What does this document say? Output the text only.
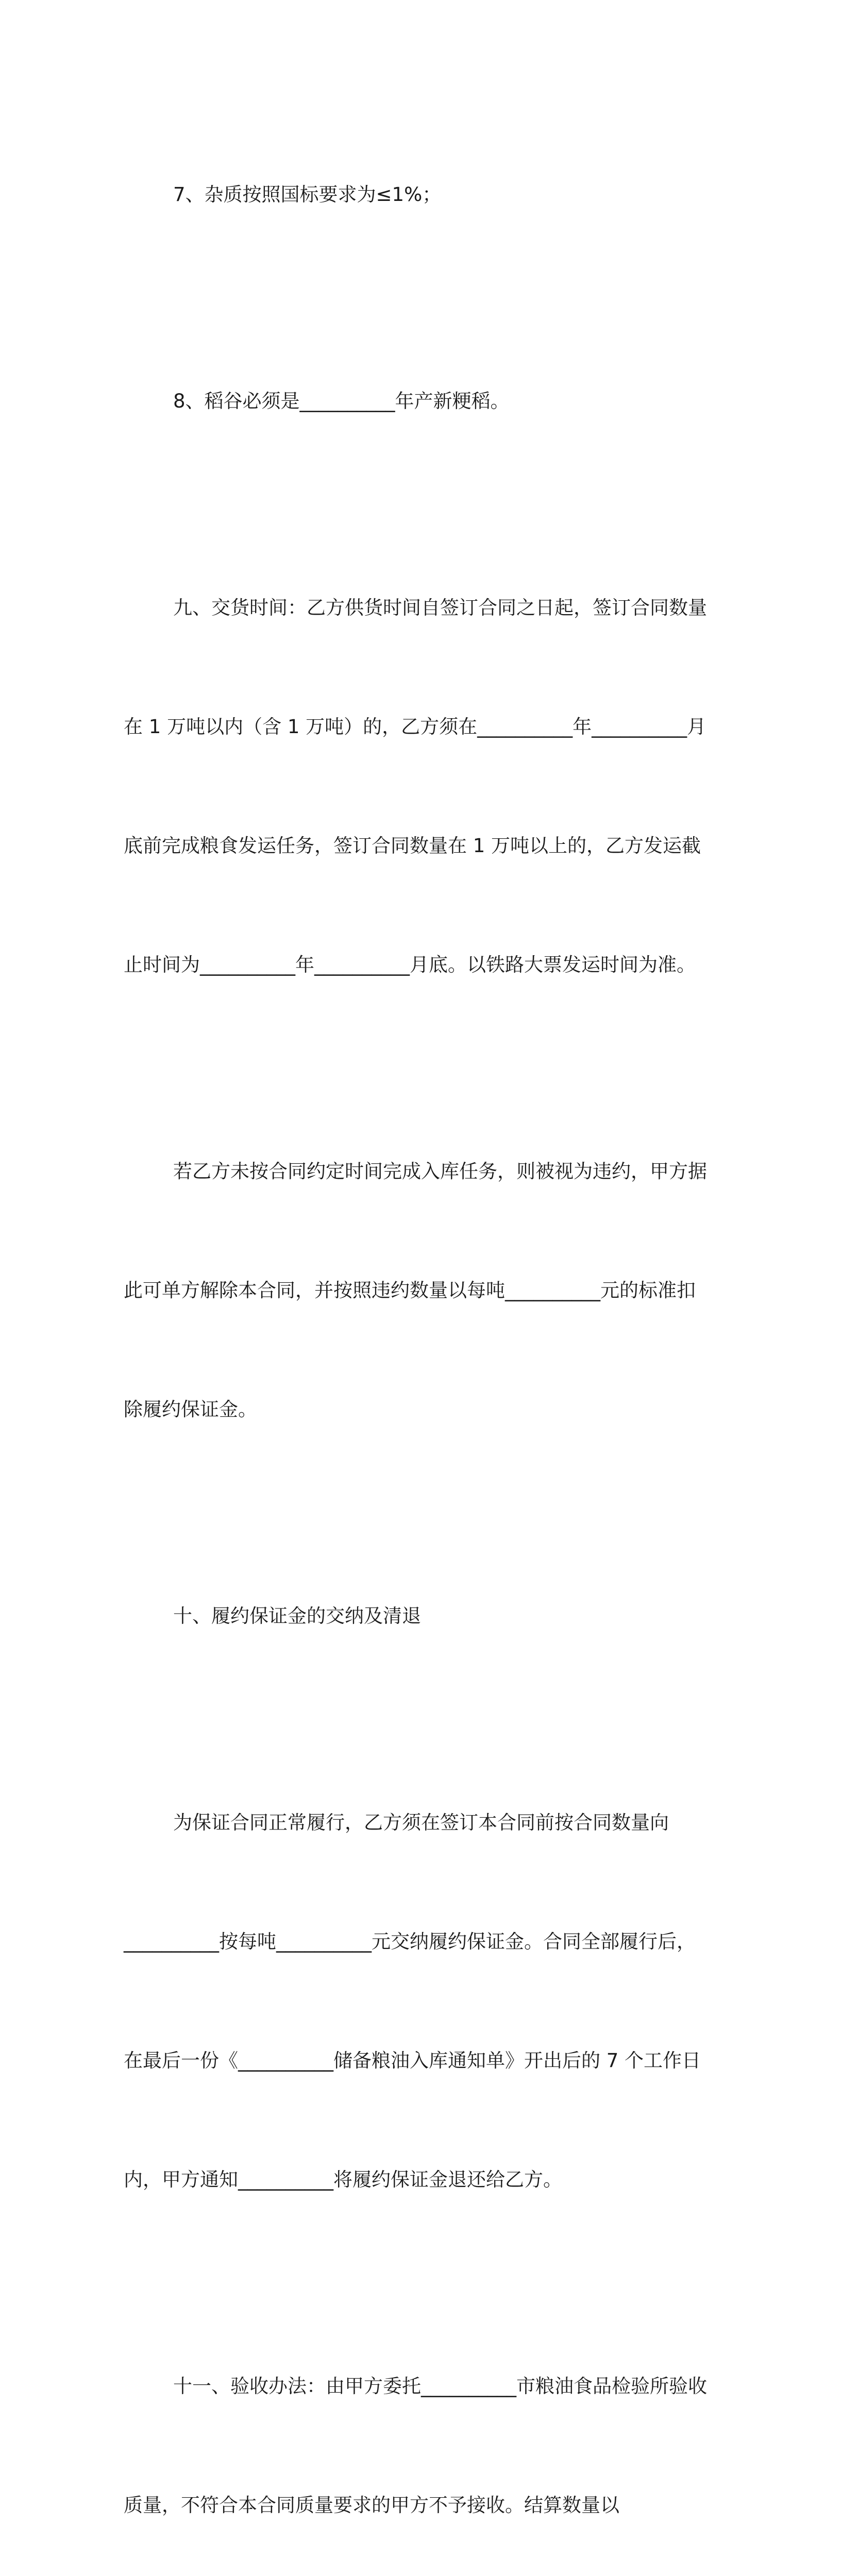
7、杂质按照国标要求为≤1%；

8、稻谷必须是__________年产新粳稻。

九、交货时间：乙方供货时间自签订合同之日起，签订合同数量

在 1 万吨以内（含 1 万吨）的，乙方须在__________年__________月

底前完成粮食发运任务，签订合同数量在 1 万吨以上的，乙方发运截

止时间为__________年__________月底。以铁路大票发运时间为准。

若乙方未按合同约定时间完成入库任务，则被视为违约，甲方据

此可单方解除本合同，并按照违约数量以每吨__________元的标准扣

除履约保证金。

十、履约保证金的交纳及清退

为保证合同正常履行，乙方须在签订本合同前按合同数量向

__________按每吨__________元交纳履约保证金。合同全部履行后，

在最后一份《__________储备粮油入库通知单》开出后的 7 个工作日

内，甲方通知__________将履约保证金退还给乙方。

十一、验收办法：由甲方委托__________市粮油食品检验所验收

质量，不符合本合同质量要求的甲方不予接收。结算数量以
